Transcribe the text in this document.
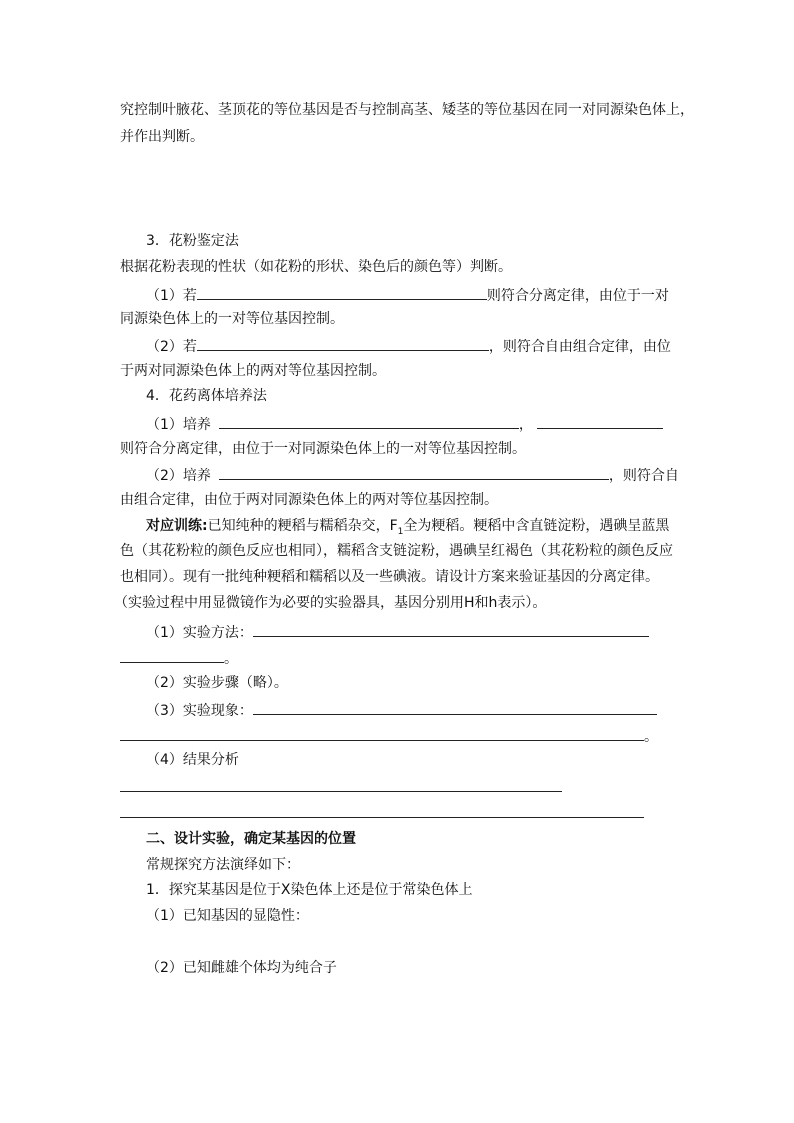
究控制叶腋花、茎顶花的等位基因是否与控制高茎、矮茎的等位基因在同一对同源染色体上，
并作出判断。
3．花粉鉴定法
根据花粉表现的性状（如花粉的形状、染色后的颜色等）判断。
（1）若	则符合分离定律，由位于一对
同源染色体上的一对等位基因控制。
（2）若	，则符合自由组合定律，由位
于两对同源染色体上的两对等位基因控制。
4．花药离体培养法
（1）培养	，
则符合分离定律，由位于一对同源染色体上的一对等位基因控制。
（2）培养	，则符合自
由组合定律，由位于两对同源染色体上的两对等位基因控制。
对应训练:已知纯种的粳稻与糯稻杂交，$F_1$全为粳稻。粳稻中含直链淀粉，遇碘呈蓝黑
色（其花粉粒的颜色反应也相同），糯稻含支链淀粉，遇碘呈红褐色（其花粉粒的颜色反应
也相同）。现有一批纯种粳稻和糯稻以及一些碘液。请设计方案来验证基因的分离定律。
（实验过程中用显微镜作为必要的实验器具，基因分别用H和h表示）。
（1）实验方法：
。
（2）实验步骤（略）。
（3）实验现象：
。
（4）结果分析
二、设计实验，确定某基因的位置
常规探究方法演绎如下：
1．探究某基因是位于X染色体上还是位于常染色体上
（1）已知基因的显隐性：
（2）已知雌雄个体均为纯合子
